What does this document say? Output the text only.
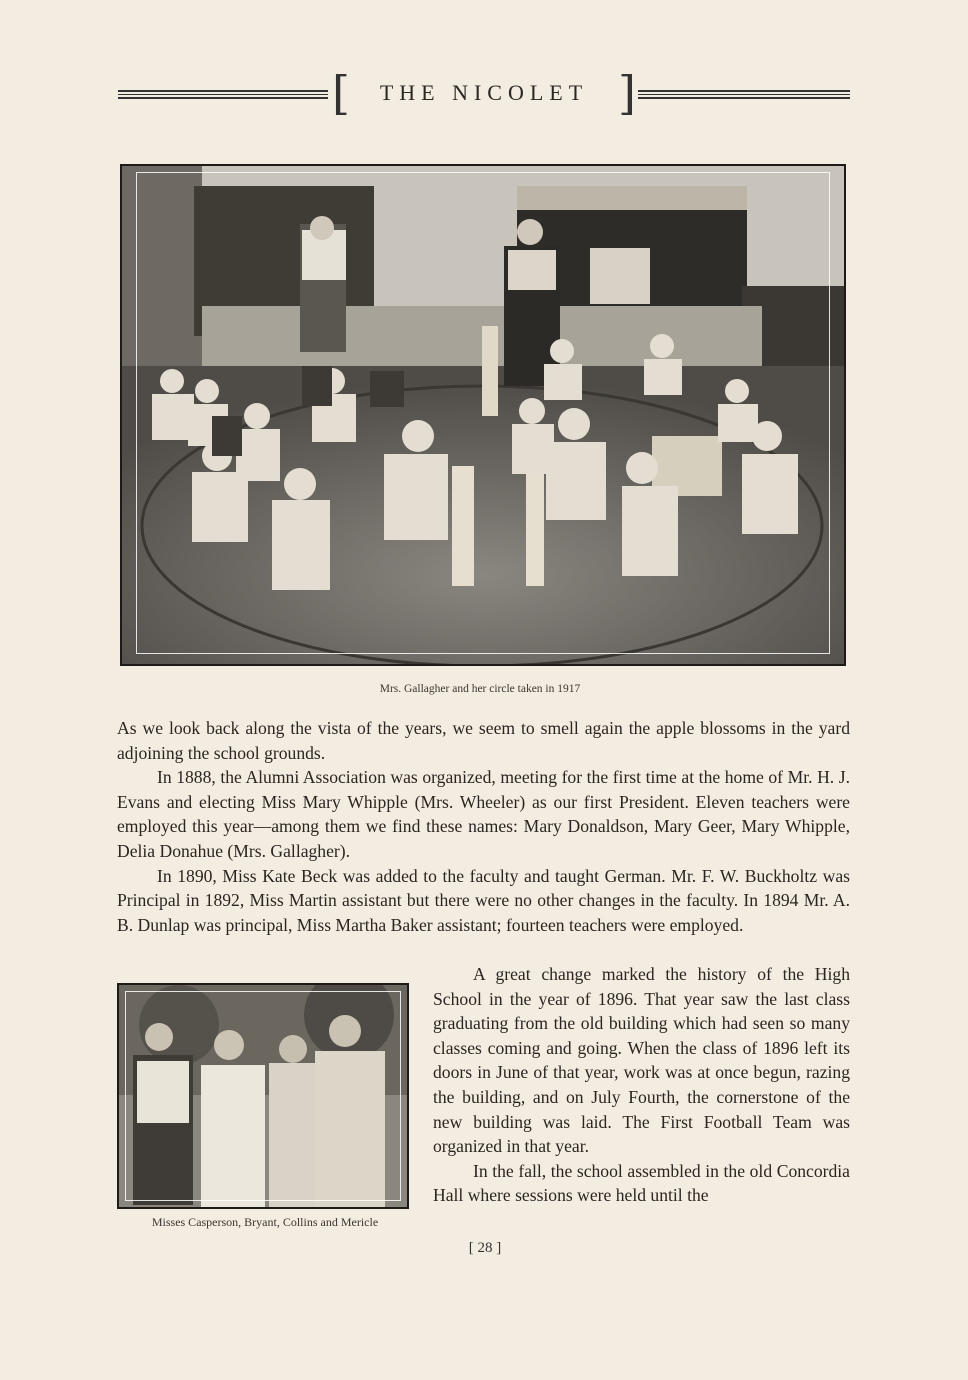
[	THE NICOLET ]
Mrs. Gallagher and her circle taken in 1917

As we look back along the vista of the years, we seem to smell again the apple blossoms in the yard adjoining the school grounds.

In 1888, the Alumni Association was organized, meeting for the first time at the home of Mr. H. J. Evans and electing Miss Mary Whipple (Mrs. Wheeler) as our first President. Eleven teachers were employed this year—among them we find these names: Mary Donaldson, Mary Geer, Mary Whipple, Delia Donahue (Mrs. Gallagher).

In 1890, Miss Kate Beck was added to the faculty and taught German. Mr. F. W. Buckholtz was Principal in 1892, Miss Martin assistant but there were no other changes in the faculty. In 1894 Mr. A. B. Dunlap was principal, Miss Martha Baker assistant; fourteen teachers were employed.

Misses Casperson, Bryant, Collins and Mericle

A great change marked the history of the High School in the year of 1896. That year saw the last class graduating from the old building which had seen so many classes coming and going. When the class of 1896 left its doors in June of that year, work was at once begun, razing the building, and on July Fourth, the cornerstone of the new building was laid. The First Football Team was organized in that year.

In the fall, the school assembled in the old Concordia Hall where sessions were held until the

[ 28 ]
